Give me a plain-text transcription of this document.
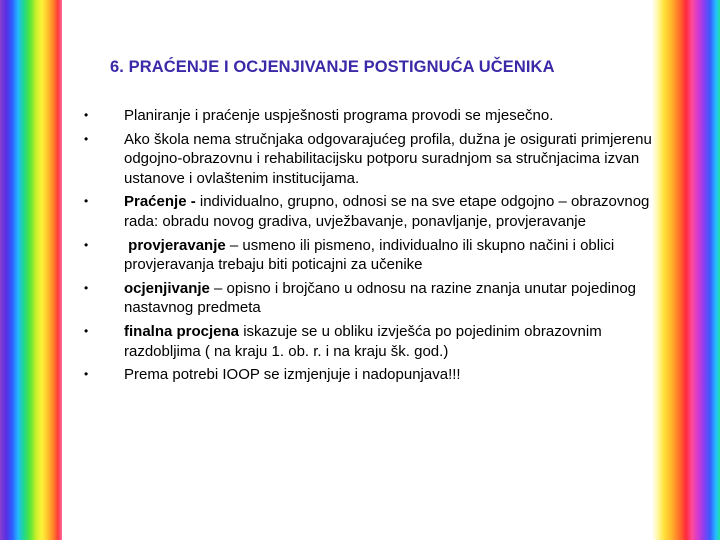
6. PRAĆENJE I OCJENJIVANJE POSTIGNUĆA UČENIKA
• Planiranje i praćenje uspješnosti programa provodi se mjesečno.
• Ako škola nema stručnjaka odgovarajućeg profila, dužna je osigurati primjerenu odgojno-obrazovnu i rehabilitacijsku potporu suradnjom sa stručnjacima izvan ustanove i ovlaštenim institucijama.
• Praćenje - individualno, grupno, odnosi se na sve etape odgojno – obrazovnog rada: obradu novog gradiva, uvježbavanje, ponavljanje, provjeravanje
• provjeravanje – usmeno ili pismeno, individualno ili skupno načini i oblici provjeravanja trebaju biti poticajni za učenike
• ocjenjivanje – opisno i brojčano u odnosu na razine znanja unutar pojedinog nastavnog predmeta
• finalna procjena iskazuje se u obliku izvješća po pojedinim obrazovnim razdobljima ( na kraju 1. ob. r. i na kraju šk. god.)
• Prema potrebi IOOP se izmjenjuje i nadopunjava!!!
